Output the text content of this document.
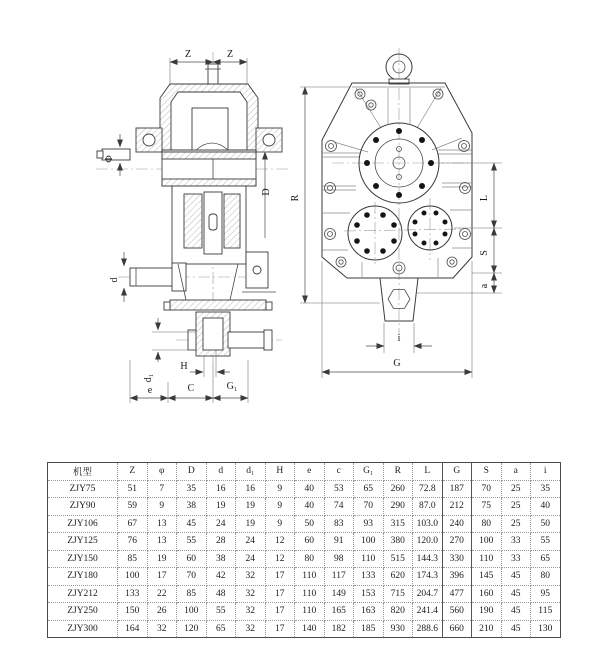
Z	Z
Φ
D
d
d₁
H
e	C	G₁
R	L
S
a
i
G
机型	Z	φ	D	d	d₁	H	e	c	G₁	R	L	G	S	a	i
ZJY75	51	7	35	16	16	9	40	53	65	260	72.8	187	70	25	35
ZJY90	59	9	38	19	19	9	40	74	70	290	87.0	212	75	25	40
ZJY106	67	13	45	24	19	9	50	83	93	315	103.0	240	80	25	50
ZJY125	76	13	55	28	24	12	60	91	100	380	120.0	270	100	33	55
ZJY150	85	19	60	38	24	12	80	98	110	515	144.3	330	110	33	65
ZJY180	100	17	70	42	32	17	110	117	133	620	174.3	396	145	45	80
ZJY212	133	22	85	48	32	17	110	149	153	715	204.7	477	160	45	95
ZJY250	150	26	100	55	32	17	110	165	163	820	241.4	560	190	45	115
ZJY300	164	32	120	65	32	17	140	182	185	930	288.6	660	210	45	130
